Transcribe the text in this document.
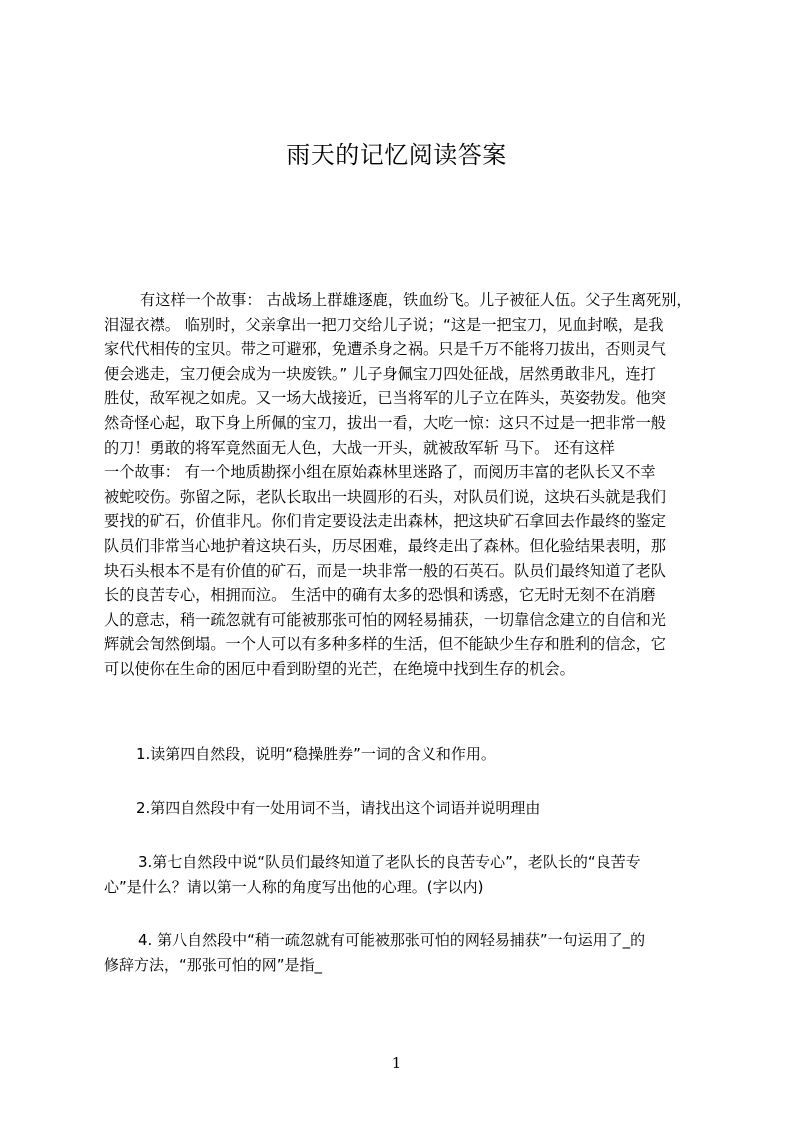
雨天的记忆阅读答案
有这样一个故事： 古战场上群雄逐鹿，铁血纷飞。儿子被征人伍。父子生离死别，
泪湿衣襟。 临别时，父亲拿出一把刀交给儿子说；“这是一把宝刀，见血封喉，是我
家代代相传的宝贝。带之可避邪，免遭杀身之祸。只是千万不能将刀拔出，否则灵气
便会逃走，宝刀便会成为一块废铁。” 儿子身佩宝刀四处征战，居然勇敢非凡，连打
胜仗，敌军视之如虎。又一场大战接近，已当将军的儿子立在阵头，英姿勃发。他突
然奇怪心起，取下身上所佩的宝刀，拔出一看，大吃一惊：这只不过是一把非常一般
的刀！勇敢的将军竟然面无人色，大战一开头，就被敌军斩 马下。 还有这样
一个故事： 有一个地质勘探小组在原始森林里迷路了，而阅历丰富的老队长又不幸
被蛇咬伤。弥留之际，老队长取出一块圆形的石头，对队员们说，这块石头就是我们
要找的矿石，价值非凡。你们肯定要设法走出森林，把这块矿石拿回去作最终的鉴定
队员们非常当心地护着这块石头，历尽困难，最终走出了森林。但化验结果表明，那
块石头根本不是有价值的矿石，而是一块非常一般的石英石。队员们最终知道了老队
长的良苦专心，相拥而泣。 生活中的确有太多的恐惧和诱惑，它无时无刻不在消磨
人的意志，稍一疏忽就有可能被那张可怕的网轻易捕获，一切靠信念建立的自信和光
辉就会訇然倒塌。一个人可以有多种多样的生活，但不能缺少生存和胜利的信念，它
可以使你在生命的困厄中看到盼望的光芒，在绝境中找到生存的机会。
1.读第四自然段，说明“稳操胜券”一词的含义和作用。
2.第四自然段中有一处用词不当，请找出这个词语并说明理由
3.第七自然段中说“队员们最终知道了老队长的良苦专心”，老队长的“良苦专
心”是什么？请以第一人称的角度写出他的心理。(字以内)
4. 第八自然段中“稍一疏忽就有可能被那张可怕的网轻易捕获”一句运用了_的
修辞方法，“那张可怕的网”是指_
1
